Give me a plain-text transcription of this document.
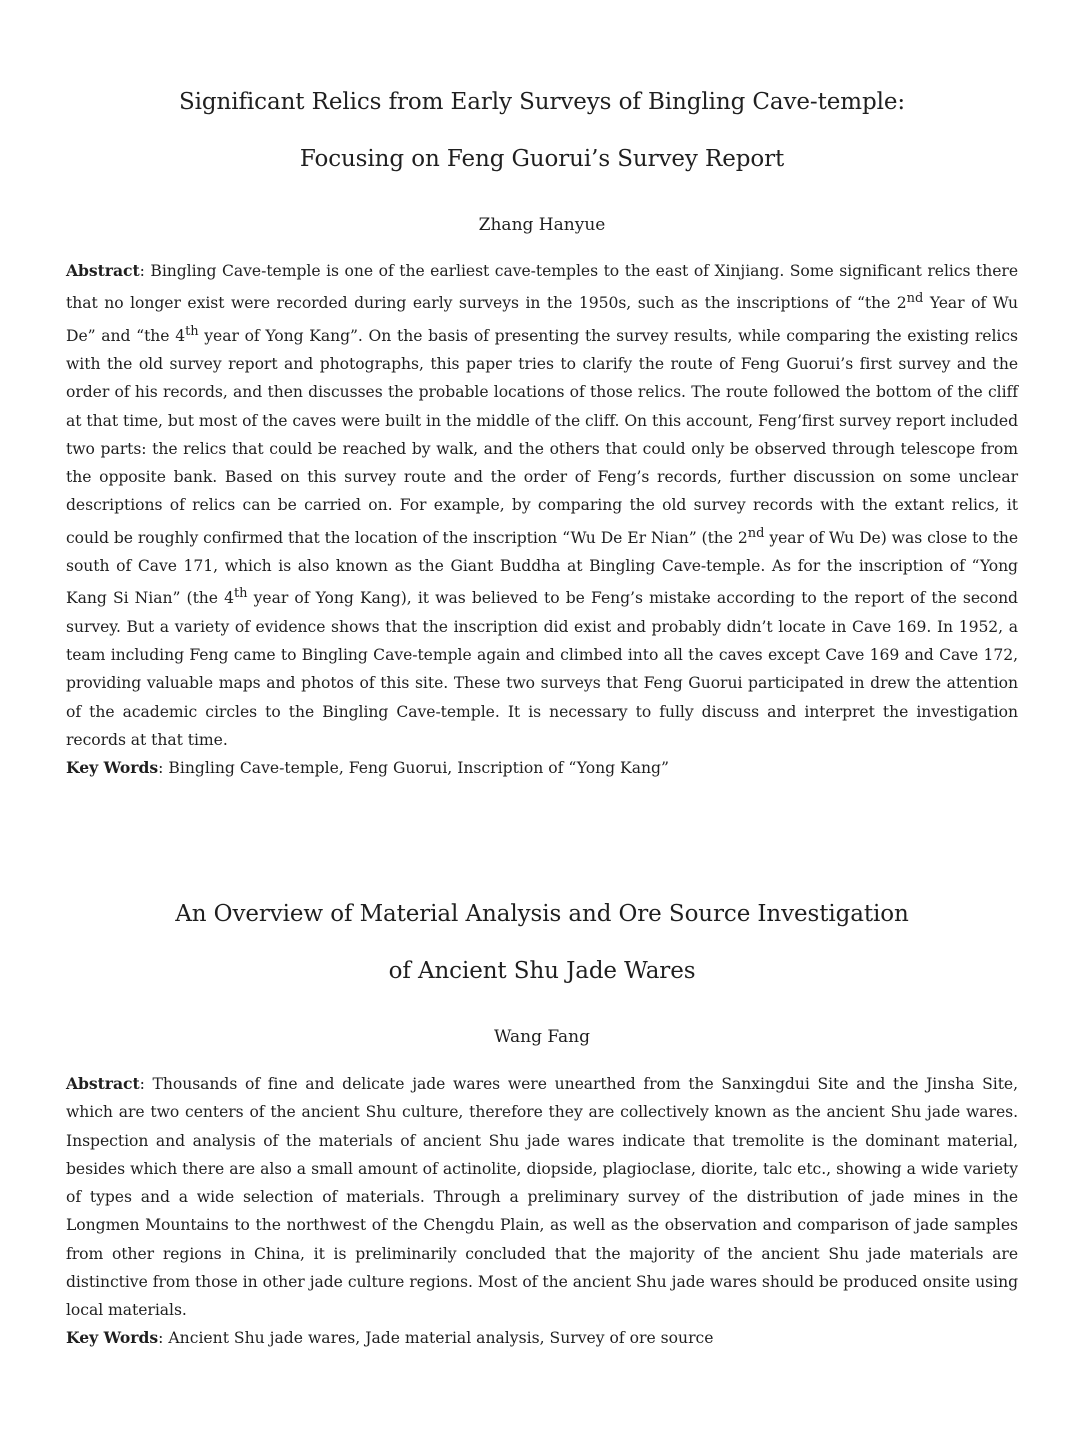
Significant Relics from Early Surveys of Bingling Cave-temple:
Focusing on Feng Guorui’s Survey Report

Zhang Hanyue

Abstract: Bingling Cave-temple is one of the earliest cave-temples to the east of Xinjiang. Some significant relics there that no longer exist were recorded during early surveys in the 1950s, such as the inscriptions of “the 2nd Year of Wu De” and “the 4th year of Yong Kang”. On the basis of presenting the survey results, while comparing the existing relics with the old survey report and photographs, this paper tries to clarify the route of Feng Guorui’s first survey and the order of his records, and then discusses the probable locations of those relics. The route followed the bottom of the cliff at that time, but most of the caves were built in the middle of the cliff. On this account, Feng’first survey report included two parts: the relics that could be reached by walk, and the others that could only be observed through telescope from the opposite bank. Based on this survey route and the order of Feng’s records, further discussion on some unclear descriptions of relics can be carried on. For example, by comparing the old survey records with the extant relics, it could be roughly confirmed that the location of the inscription “Wu De Er Nian” (the 2nd year of Wu De) was close to the south of Cave 171, which is also known as the Giant Buddha at Bingling Cave-temple. As for the inscription of “Yong Kang Si Nian” (the 4th year of Yong Kang), it was believed to be Feng’s mistake according to the report of the second survey. But a variety of evidence shows that the inscription did exist and probably didn’t locate in Cave 169. In 1952, a team including Feng came to Bingling Cave-temple again and climbed into all the caves except Cave 169 and Cave 172, providing valuable maps and photos of this site. These two surveys that Feng Guorui participated in drew the attention of the academic circles to the Bingling Cave-temple. It is necessary to fully discuss and interpret the investigation records at that time.

Key Words: Bingling Cave-temple, Feng Guorui, Inscription of “Yong Kang”

An Overview of Material Analysis and Ore Source Investigation
of Ancient Shu Jade Wares

Wang Fang

Abstract: Thousands of fine and delicate jade wares were unearthed from the Sanxingdui Site and the Jinsha Site, which are two centers of the ancient Shu culture, therefore they are collectively known as the ancient Shu jade wares. Inspection and analysis of the materials of ancient Shu jade wares indicate that tremolite is the dominant material, besides which there are also a small amount of actinolite, diopside, plagioclase, diorite, talc etc., showing a wide variety of types and a wide selection of materials. Through a preliminary survey of the distribution of jade mines in the Longmen Mountains to the northwest of the Chengdu Plain, as well as the observation and comparison of jade samples from other regions in China, it is preliminarily concluded that the majority of the ancient Shu jade materials are distinctive from those in other jade culture regions. Most of the ancient Shu jade wares should be produced onsite using local materials.

Key Words: Ancient Shu jade wares, Jade material analysis, Survey of ore source
